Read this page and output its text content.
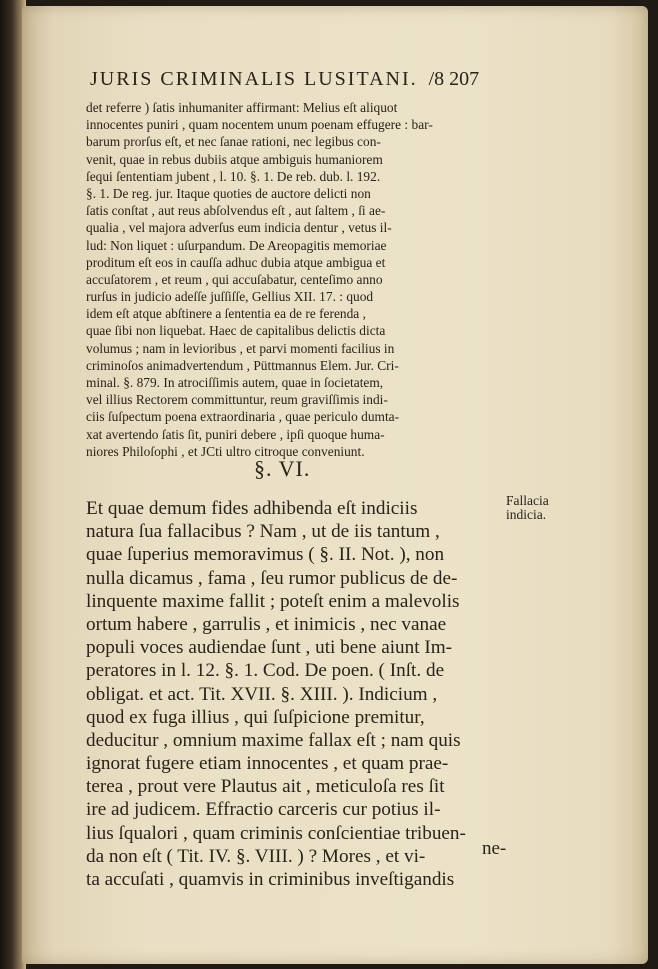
JURIS CRIMINALIS LUSITANI. /8 207
det referre ) ſatis inhumaniter affirmant: Melius eſt aliquot
innocentes puniri , quam nocentem unum poenam effugere : bar-
barum prorſus eſt, et nec ſanae rationi, nec legibus con-
venit, quae in rebus dubiis atque ambiguis humaniorem
ſequi ſententiam jubent , l. 10. §. 1. De reb. dub. l. 192.
§. 1. De reg. jur. Itaque quoties de auctore delicti non
ſatis conſtat , aut reus abſolvendus eſt , aut ſaltem , ſi ae-
qualia , vel majora adverſus eum indicia dentur , vetus il-
lud: Non liquet : uſurpandum. De Areopagitis memoriae
proditum eſt eos in cauſſa adhuc dubia atque ambigua et
accuſatorem , et reum , qui accuſabatur, centeſimo anno
rurſus in judicio adeſſe juſſiſſe, Gellius XII. 17. : quod
idem eſt atque abſtinere a ſententia ea de re ferenda ,
quae ſibi non liquebat. Haec de capitalibus delictis dicta
volumus ; nam in levioribus , et parvi momenti facilius in
criminoſos animadvertendum , Püttmannus Elem. Jur. Cri-
minal. §. 879. In atrociſſimis autem, quae in ſocietatem,
vel illius Rectorem committuntur, reum graviſſimis indi-
ciis ſuſpectum poena extraordinaria , quae periculo dumta-
xat avertendo ſatis ſit, puniri debere , ipſi quoque huma-
niores Philoſophi , et JCti ultro citroque conveniunt.
§. VI.
Fallacia
indicia.
Et quae demum fides adhibenda eſt indiciis
natura ſua fallacibus ? Nam , ut de iis tantum ,
quae ſuperius memoravimus ( §. II. Not. ), non
nulla dicamus , fama , ſeu rumor publicus de de-
linquente maxime fallit ; poteſt enim a malevolis
ortum habere , garrulis , et inimicis , nec vanae
populi voces audiendae ſunt , uti bene aiunt Im-
peratores in l. 12. §. 1. Cod. De poen. ( Inſt. de
obligat. et act. Tit. XVII. §. XIII. ). Indicium ,
quod ex fuga illius , qui ſuſpicione premitur,
deducitur , omnium maxime fallax eſt ; nam quis
ignorat fugere etiam innocentes , et quam prae-
terea , prout vere Plautus ait , meticuloſa res ſit
ire ad judicem. Effractio carceris cur potius il-
lius ſqualori , quam criminis conſcientiae tribuen-
da non eſt ( Tit. IV. §. VIII. ) ? Mores , et vi-
ta accuſati , quamvis in criminibus inveſtigandis
ne-
